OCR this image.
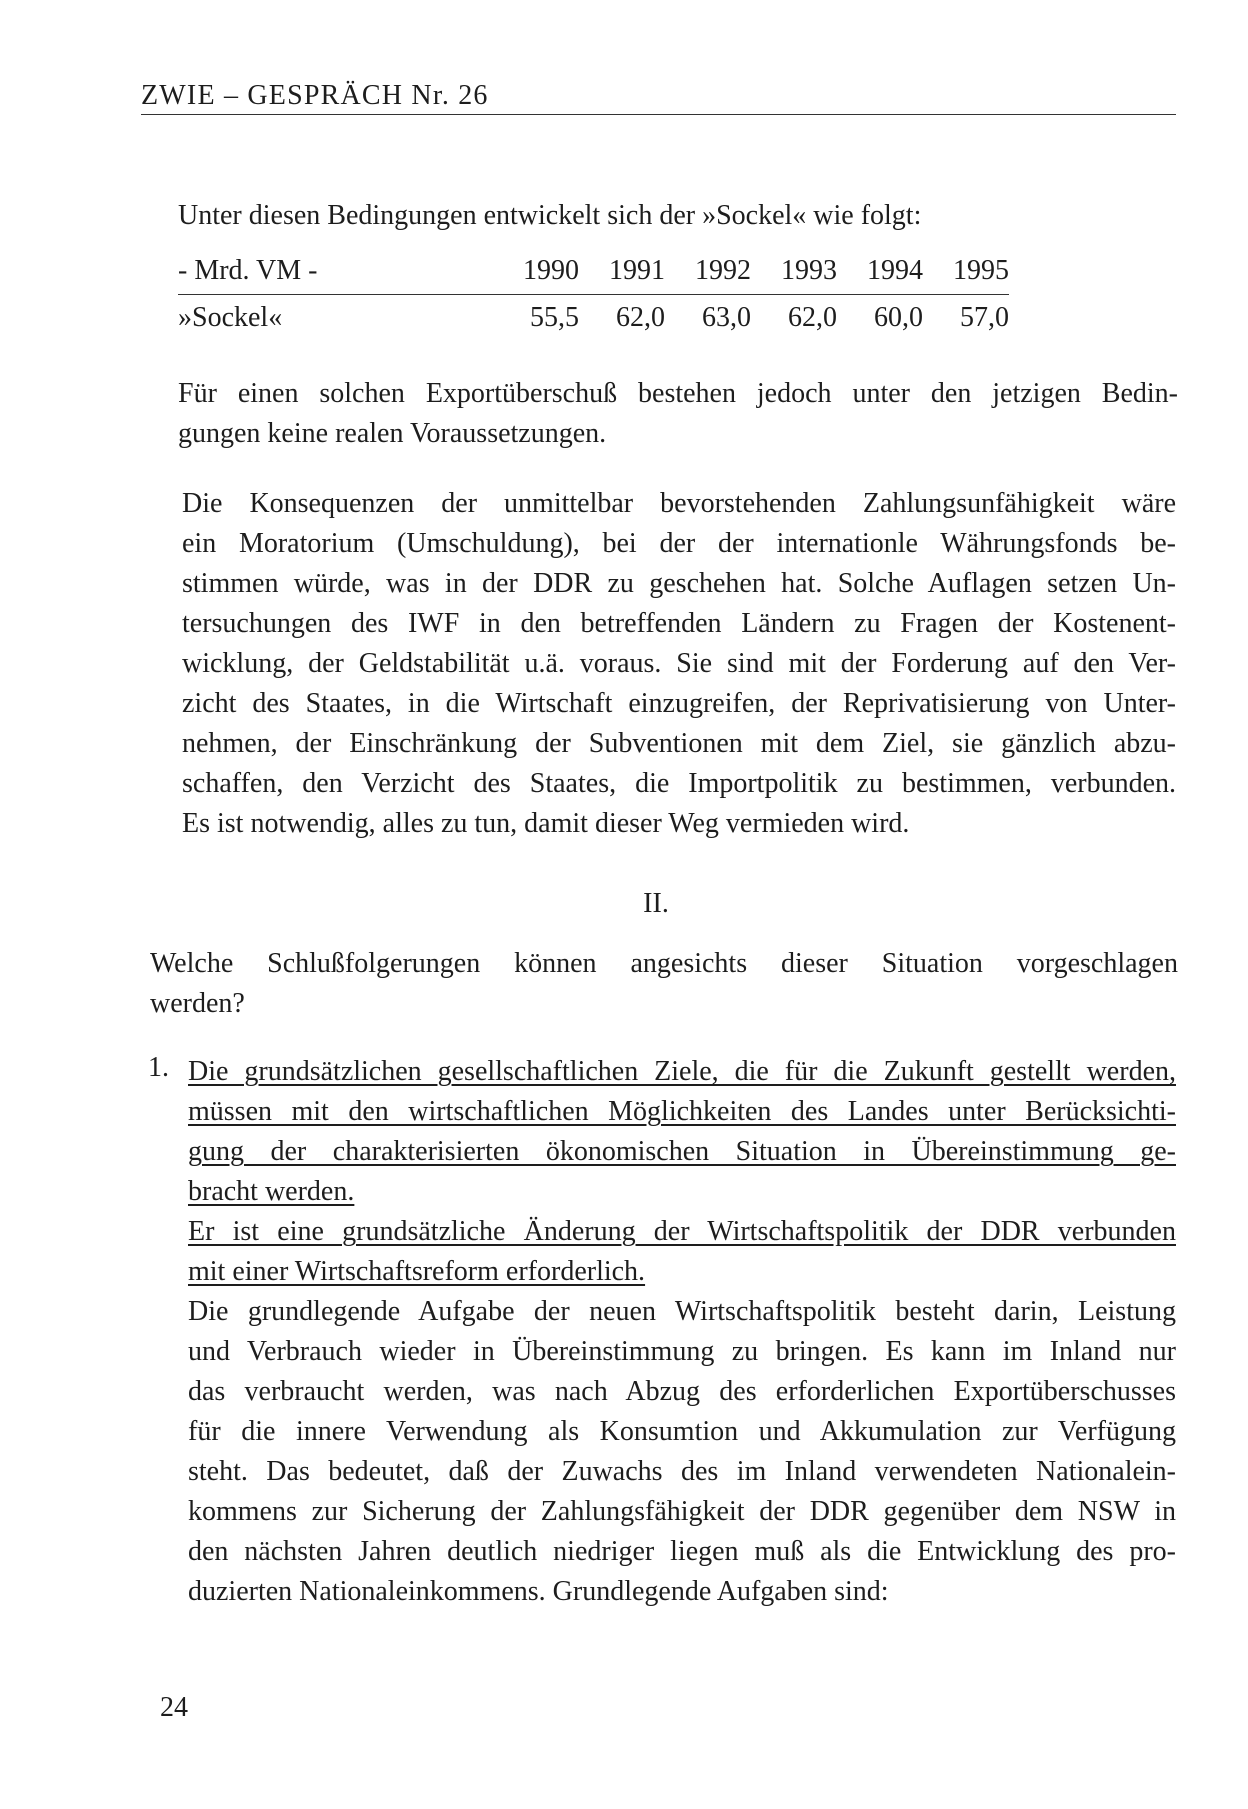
ZWIE – GESPRÄCH Nr. 26

Unter diesen Bedingungen entwickelt sich der »Sockel« wie folgt:

- Mrd. VM -	1990	1991	1992	1993	1994	1995
»Sockel«	55,5	62,0	63,0	62,0	60,0	57,0

Für einen solchen Exportüberschuß bestehen jedoch unter den jetzigen Bedin-
gungen keine realen Voraussetzungen.

Die Konsequenzen der unmittelbar bevorstehenden Zahlungsunfähigkeit wäre
ein Moratorium (Umschuldung), bei der der internationle Währungsfonds be-
stimmen würde, was in der DDR zu geschehen hat. Solche Auflagen setzen Un-
tersuchungen des IWF in den betreffenden Ländern zu Fragen der Kostenent-
wicklung, der Geldstabilität u.ä. voraus. Sie sind mit der Forderung auf den Ver-
zicht des Staates, in die Wirtschaft einzugreifen, der Reprivatisierung von Unter-
nehmen, der Einschränkung der Subventionen mit dem Ziel, sie gänzlich abzu-
schaffen, den Verzicht des Staates, die Importpolitik zu bestimmen, verbunden.
Es ist notwendig, alles zu tun, damit dieser Weg vermieden wird.

II.

Welche Schlußfolgerungen können angesichts dieser Situation vorgeschlagen
werden?

1. Die grundsätzlichen gesellschaftlichen Ziele, die für die Zukunft gestellt werden,
müssen mit den wirtschaftlichen Möglichkeiten des Landes unter Berücksichti-
gung der charakterisierten ökonomischen Situation in Übereinstimmung ge-
bracht werden.
Er ist eine grundsätzliche Änderung der Wirtschaftspolitik der DDR verbunden
mit einer Wirtschaftsreform erforderlich.
Die grundlegende Aufgabe der neuen Wirtschaftspolitik besteht darin, Leistung
und Verbrauch wieder in Übereinstimmung zu bringen. Es kann im Inland nur
das verbraucht werden, was nach Abzug des erforderlichen Exportüberschusses
für die innere Verwendung als Konsumtion und Akkumulation zur Verfügung
steht. Das bedeutet, daß der Zuwachs des im Inland verwendeten Nationalein-
kommens zur Sicherung der Zahlungsfähigkeit der DDR gegenüber dem NSW in
den nächsten Jahren deutlich niedriger liegen muß als die Entwicklung des pro-
duzierten Nationaleinkommens. Grundlegende Aufgaben sind:

24
